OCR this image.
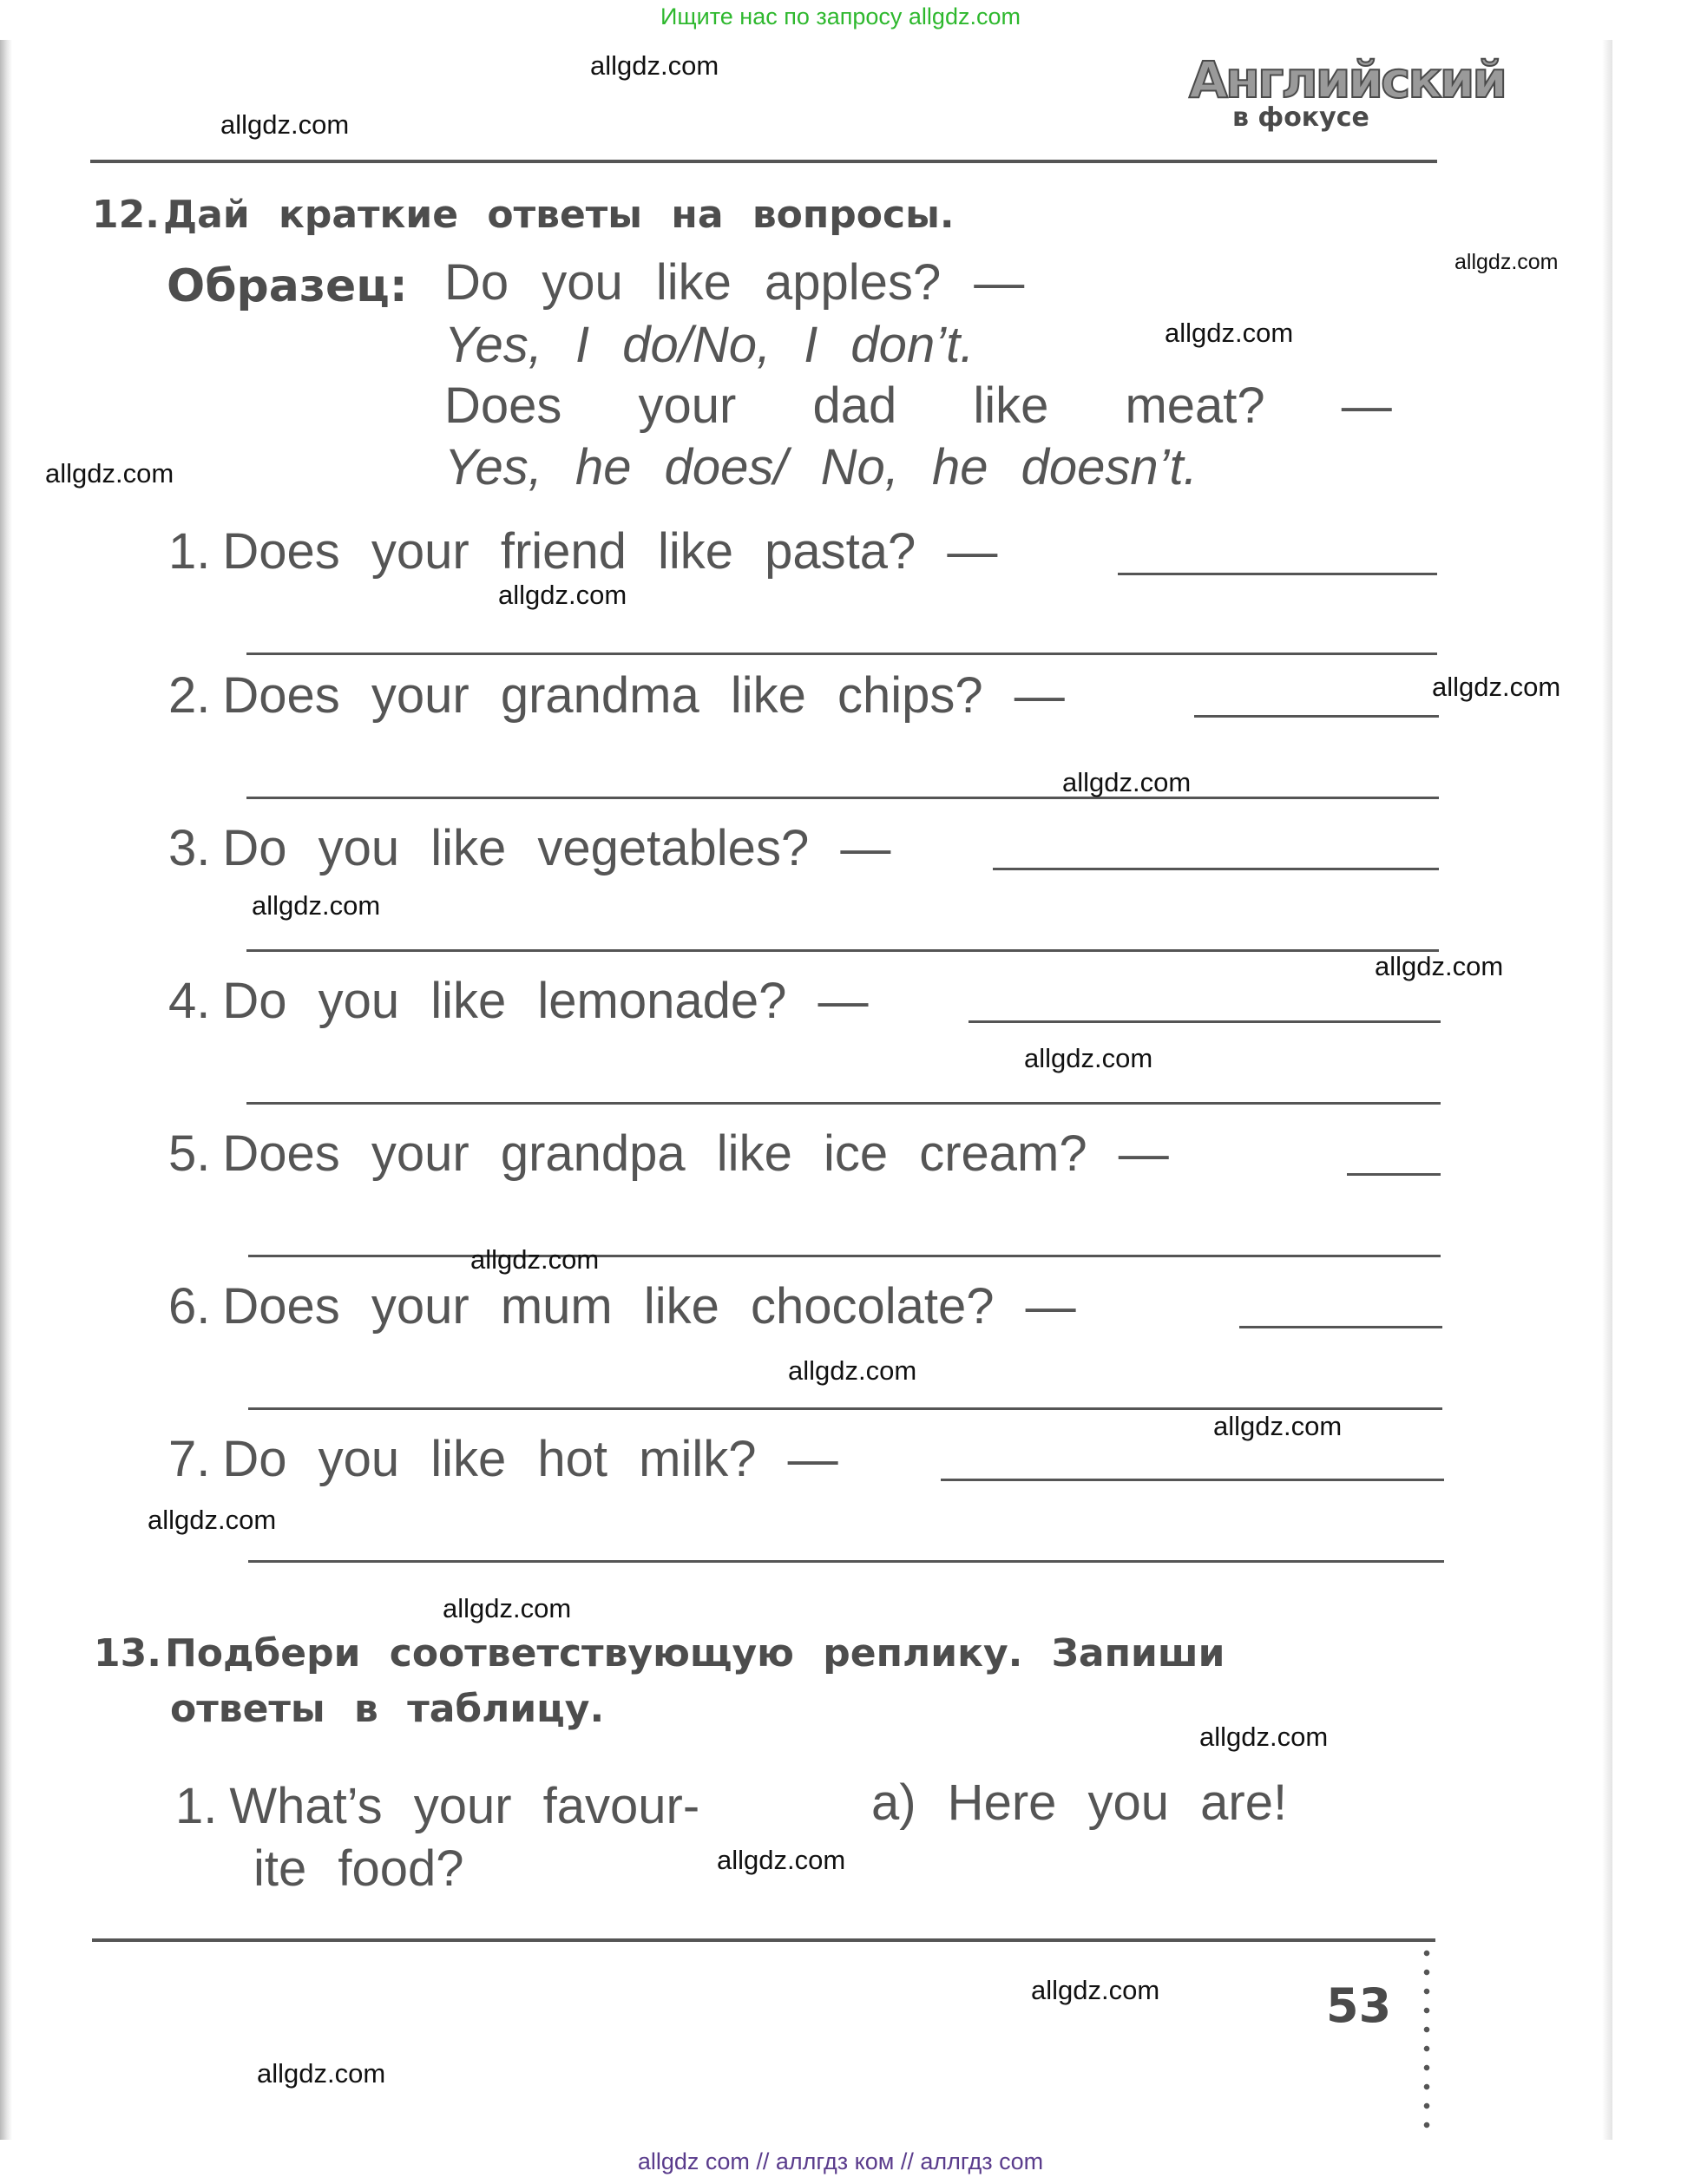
Ищите нас по запросу allgdz.com
Английский
в фокусе
12.Дай краткие ответы на вопросы.
Образец: Do you like apples? —
Yes, I do/No, I don’t.
Does your dad like meat? —
Yes, he does/ No, he doesn’t.
1. Does your friend like pasta? —
2. Does your grandma like chips? —
3. Do you like vegetables? —
4. Do you like lemonade? —
5. Does your grandpa like ice cream? —
6. Does your mum like chocolate? —
7. Do you like hot milk? —
13.Подбери соответствующую реплику. Запиши
ответы в таблицу.
1. What’s your favour-
ite food?
a) Here you are!
53
allgdz.com
allgdz.com
allgdz.com
allgdz.com
allgdz.com
allgdz.com
allgdz.com
allgdz.com
allgdz.com
allgdz.com
allgdz.com
allgdz.com
allgdz.com
allgdz.com
allgdz.com
allgdz.com
allgdz.com
allgdz.com
allgdz.com
allgdz.com
allgdz com // аллгдз ком // аллгдз com
